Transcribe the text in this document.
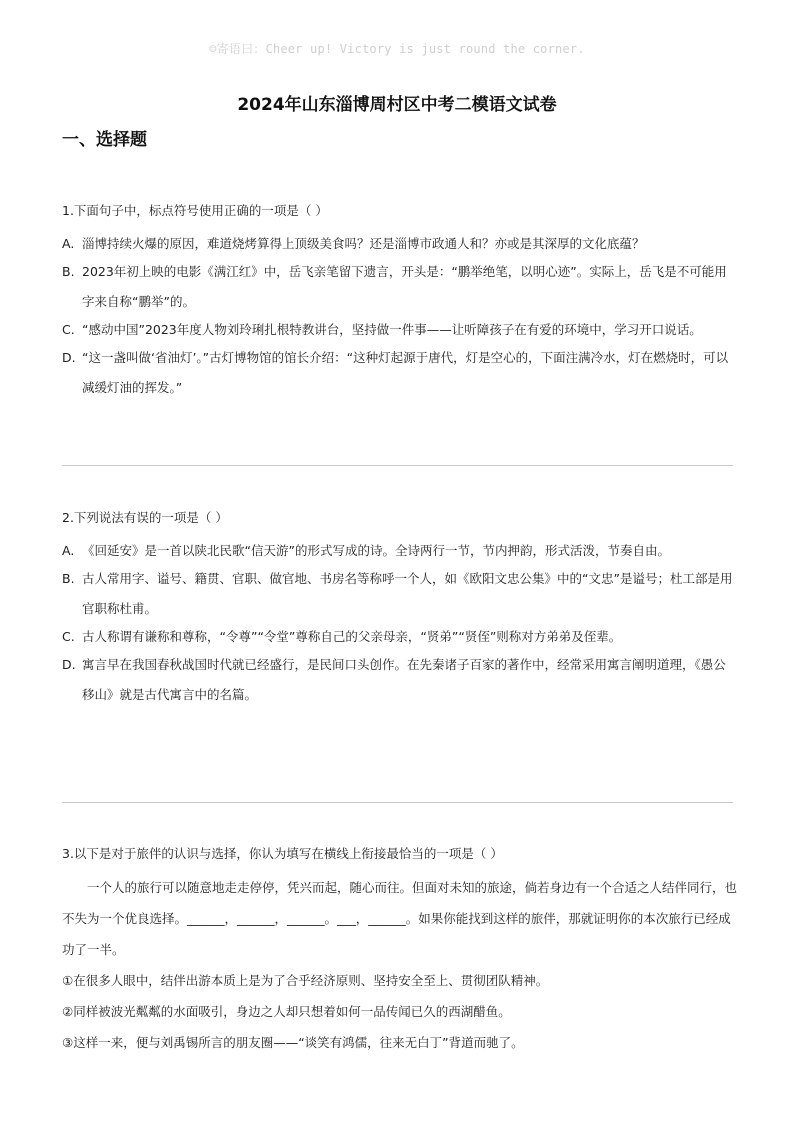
☺寄语曰：Cheer up! Victory is just round the corner.
2024年山东淄博周村区中考二模语文试卷
一、选择题
1.下面句子中，标点符号使用正确的一项是（ ）
A. 淄博持续火爆的原因，难道烧烤算得上顶级美食吗？还是淄博市政通人和？亦或是其深厚的文化底蕴？
B. 2023年初上映的电影《满江红》中，岳飞亲笔留下遗言，开头是：“鹏举绝笔，以明心迹”。实际上，岳飞是不可能用字来自称“鹏举”的。
C. “感动中国”2023年度人物刘玲琍扎根特教讲台，坚持做一件事——让听障孩子在有爱的环境中，学习开口说话。
D. “这一盏叫做‘省油灯’。”古灯博物馆的馆长介绍：“这种灯起源于唐代，灯是空心的，下面注满冷水，灯在燃烧时，可以减缓灯油的挥发。”
2.下列说法有误的一项是（ ）
A. 《回延安》是一首以陕北民歌“信天游”的形式写成的诗。全诗两行一节，节内押韵，形式活泼，节奏自由。
B. 古人常用字、谥号、籍贯、官职、做官地、书房名等称呼一个人，如《欧阳文忠公集》中的“文忠”是谥号；杜工部是用官职称杜甫。
C. 古人称谓有谦称和尊称，“令尊”“令堂”尊称自己的父亲母亲，“贤弟”“贤侄”则称对方弟弟及侄辈。
D. 寓言早在我国春秋战国时代就已经盛行，是民间口头创作。在先秦诸子百家的著作中，经常采用寓言阐明道理，《愚公移山》就是古代寓言中的名篇。
3.以下是对于旅伴的认识与选择，你认为填写在横线上衔接最恰当的一项是（ ）
一个人的旅行可以随意地走走停停，凭兴而起，随心而往。但面对未知的旅途，倘若身边有一个合适之人结伴同行，也不失为一个优良选择。______，______，______。___，______。如果你能找到这样的旅伴，那就证明你的本次旅行已经成功了一半。
①在很多人眼中，结伴出游本质上是为了合乎经济原则、坚持安全至上、贯彻团队精神。
②同样被波光粼粼的水面吸引，身边之人却只想着如何一品传闻已久的西湖醋鱼。
③这样一来，便与刘禹锡所言的朋友圈——“谈笑有鸿儒，往来无白丁”背道而驰了。
